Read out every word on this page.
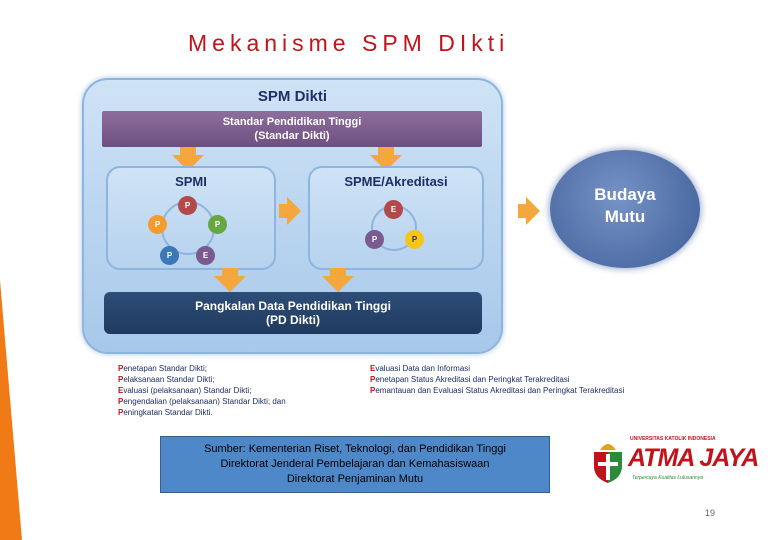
Mekanisme SPM DIkti
SPM Dikti
Standar Pendidikan Tinggi
(Standar Dikti)
SPMI
P
P
E
P
P
SPME/Akreditasi
E
P	P
Pangkalan Data Pendidikan Tinggi
(PD Dikti)
Budaya
Mutu
Penetapan Standar Dikti;
Pelaksanaan Standar Dikti;
Evaluasi (pelaksanaan) Standar Dikti;
Pengendalian (pelaksanaan) Standar Dikti; dan
Peningkatan Standar Dikti.
Evaluasi Data dan Informasi
Penetapan Status Akreditasi dan Peringkat Terakreditasi
Pemantauan dan Evaluasi Status Akreditasi dan Peringkat Terakreditasi
Sumber: Kementerian Riset, Teknologi, dan Pendidikan Tinggi
Direktorat Jenderal Pembelajaran dan Kemahasiswaan
Direktorat Penjaminan Mutu
UNIVERSITAS KATOLIK INDONESIA
ATMA JAYA
Terpercaya Kualitas Lulusannya
19
